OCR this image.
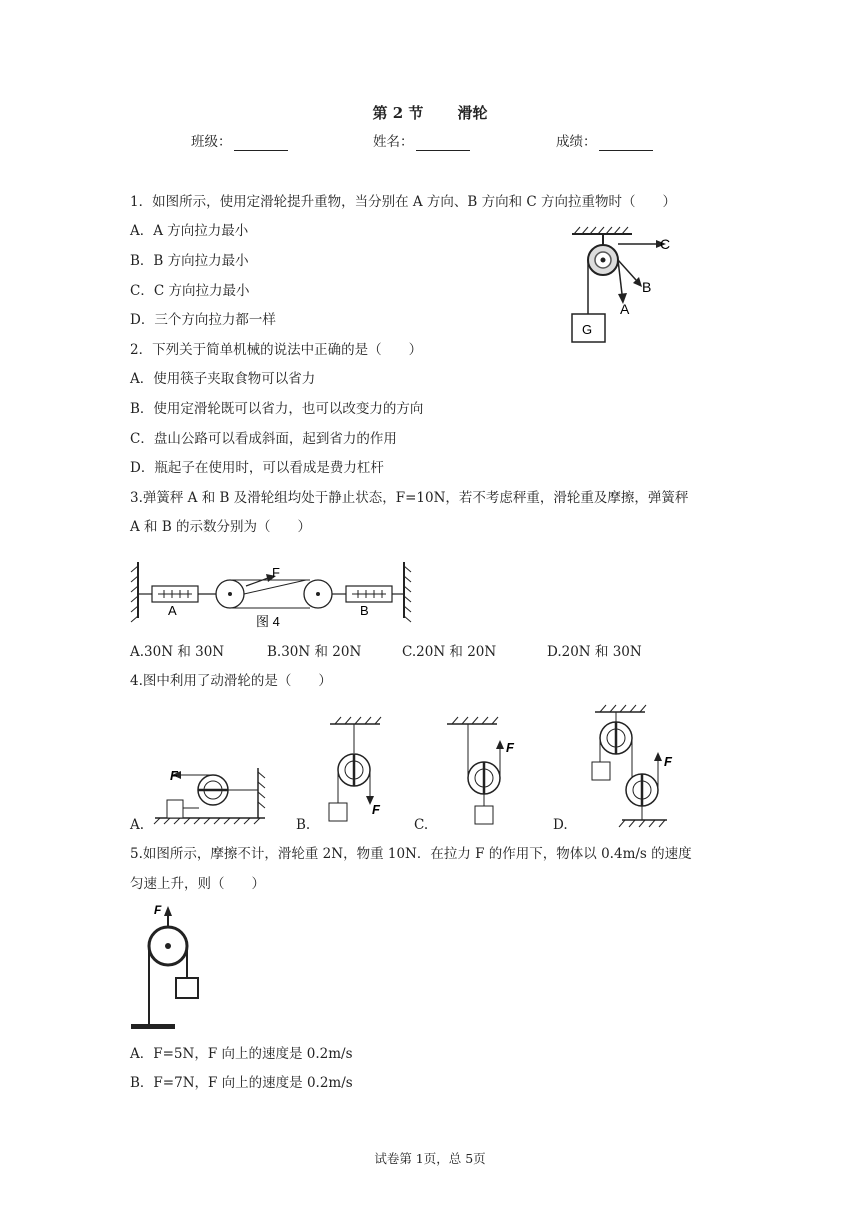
第 2 节 滑轮
班级：	姓名：	成绩：
1．如图所示，使用定滑轮提升重物，当分别在 A 方向、B 方向和 C 方向拉重物时（　　）
A．A 方向拉力最小
B．B 方向拉力最小
C．C 方向拉力最小
D．三个方向拉力都一样
C
B
A
G
2．下列关于简单机械的说法中正确的是（　　）
A．使用筷子夹取食物可以省力
B．使用定滑轮既可以省力，也可以改变力的方向
C．盘山公路可以看成斜面，起到省力的作用
D．瓶起子在使用时，可以看成是费力杠杆
3.弹簧秤 A 和 B 及滑轮组均处于静止状态，F=10N，若不考虑秤重，滑轮重及摩擦，弹簧秤
A 和 B 的示数分别为（　　）
F
A	B
图 4
A.30N 和 30N	B.30N 和 20N	C.20N 和 20N	D.20N 和 30N
4.图中利用了动滑轮的是（　　）
F
F
F
F
A.	B.	C.	D.
5.如图所示，摩擦不计，滑轮重 2N，物重 10N．在拉力 F 的作用下，物体以 0.4m/s 的速度
匀速上升，则（　　）
F
A．F=5N，F 向上的速度是 0.2m/s
B．F=7N，F 向上的速度是 0.2m/s
试卷第 1页，总 5页
